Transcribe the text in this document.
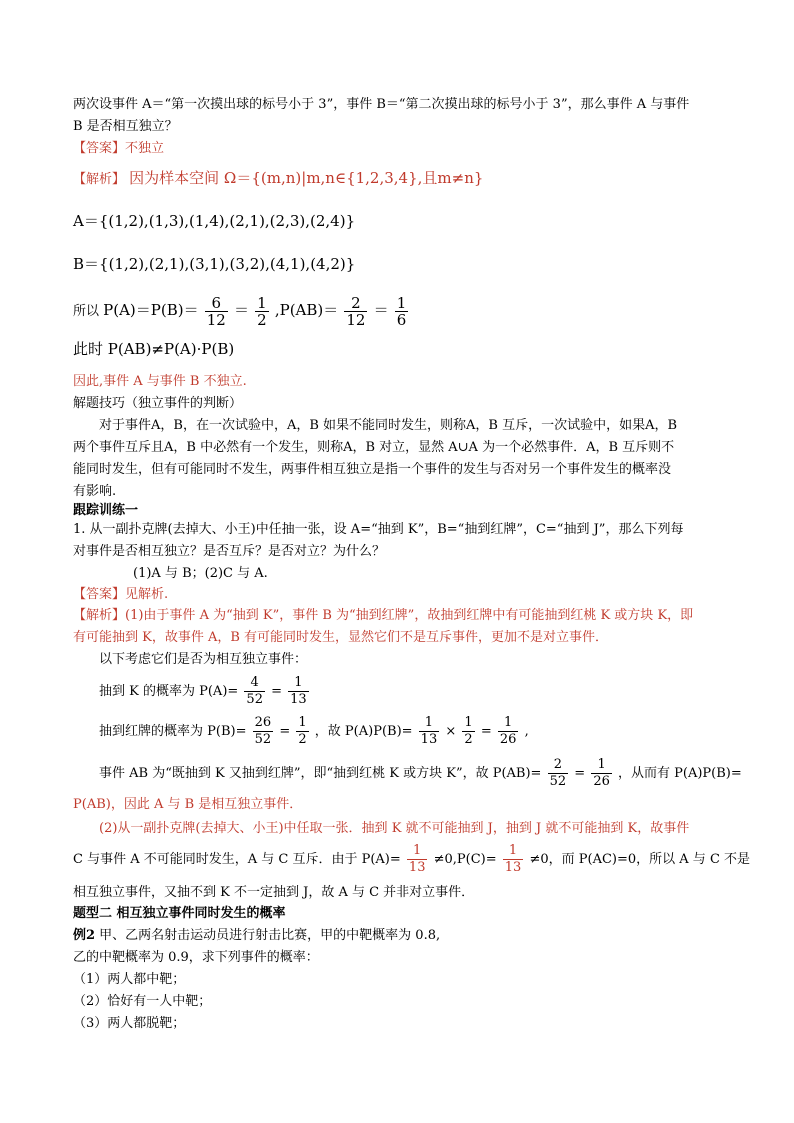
两次设事件 A＝“第一次摸出球的标号小于 3”，事件 B＝“第二次摸出球的标号小于 3”，那么事件 A 与事件
B 是否相互独立？
【答案】不独立
【解析】 因为样本空间 Ω＝{(m,n)|m,n∈{1,2,3,4},且m≠n}
A＝{(1,2),(1,3),(1,4),(2,1),(2,3),(2,4)}
B＝{(1,2),(2,1),(3,1),(3,2),(4,1),(4,2)}
所以 $P(A)=P(B)= \frac{6}{12} = \frac{1}{2} ,P(AB)= \frac{2}{12} = \frac{1}{6}$
此时 P(AB)≠P(A)·P(B)
因此,事件 A 与事件 B 不独立.
解题技巧（独立事件的判断）
对于事件A，B，在一次试验中，A，B 如果不能同时发生，则称A，B 互斥，一次试验中，如果A，B
两个事件互斥且A，B 中必然有一个发生，则称A，B 对立，显然 A∪A 为一个必然事件．A，B 互斥则不
能同时发生，但有可能同时不发生，两事件相互独立是指一个事件的发生与否对另一个事件发生的概率没
有影响.
跟踪训练一
1. 从一副扑克牌(去掉大、小王)中任抽一张，设 A=“抽到 K”，B=“抽到红牌”，C=“抽到 J”，那么下列每
对事件是否相互独立？是否互斥？是否对立？为什么？
(1)A 与 B；(2)C 与 A.
【答案】见解析.
【解析】(1)由于事件 A 为“抽到 K”，事件 B 为“抽到红牌”，故抽到红牌中有可能抽到红桃 K 或方块 K，即
有可能抽到 K，故事件 A，B 有可能同时发生，显然它们不是互斥事件，更加不是对立事件．
以下考虑它们是否为相互独立事件：
抽到 K 的概率为 $P(A)= \frac{4}{52} = \frac{1}{13}$
抽到红牌的概率为 $P(B)= \frac{26}{52} = \frac{1}{2}$ ，故 $P(A)P(B)= \frac{1}{13} \times \frac{1}{2} = \frac{1}{26}$ ,
事件 AB 为“既抽到 K 又抽到红牌”，即“抽到红桃 K 或方块 K”，故 $P(AB)= \frac{2}{52} = \frac{1}{26}$ ，从而有 P(A)P(B)=
P(AB)，因此 A 与 B 是相互独立事件．
(2)从一副扑克牌(去掉大、小王)中任取一张．抽到 K 就不可能抽到 J，抽到 J 就不可能抽到 K，故事件
C 与事件 A 不可能同时发生，A 与 C 互斥．由于 $P(A)= \frac{1}{13} \ne 0,P(C)= \frac{1}{13} \ne 0$，而 P(AC)=0，所以 A 与 C 不是
相互独立事件，又抽不到 K 不一定抽到 J，故 A 与 C 并非对立事件．
题型二 相互独立事件同时发生的概率
例2 甲、乙两名射击运动员进行射击比赛，甲的中靶概率为 0.8,
乙的中靶概率为 0.9，求下列事件的概率：
（1）两人都中靶；
（2）恰好有一人中靶；
（3）两人都脱靶；
